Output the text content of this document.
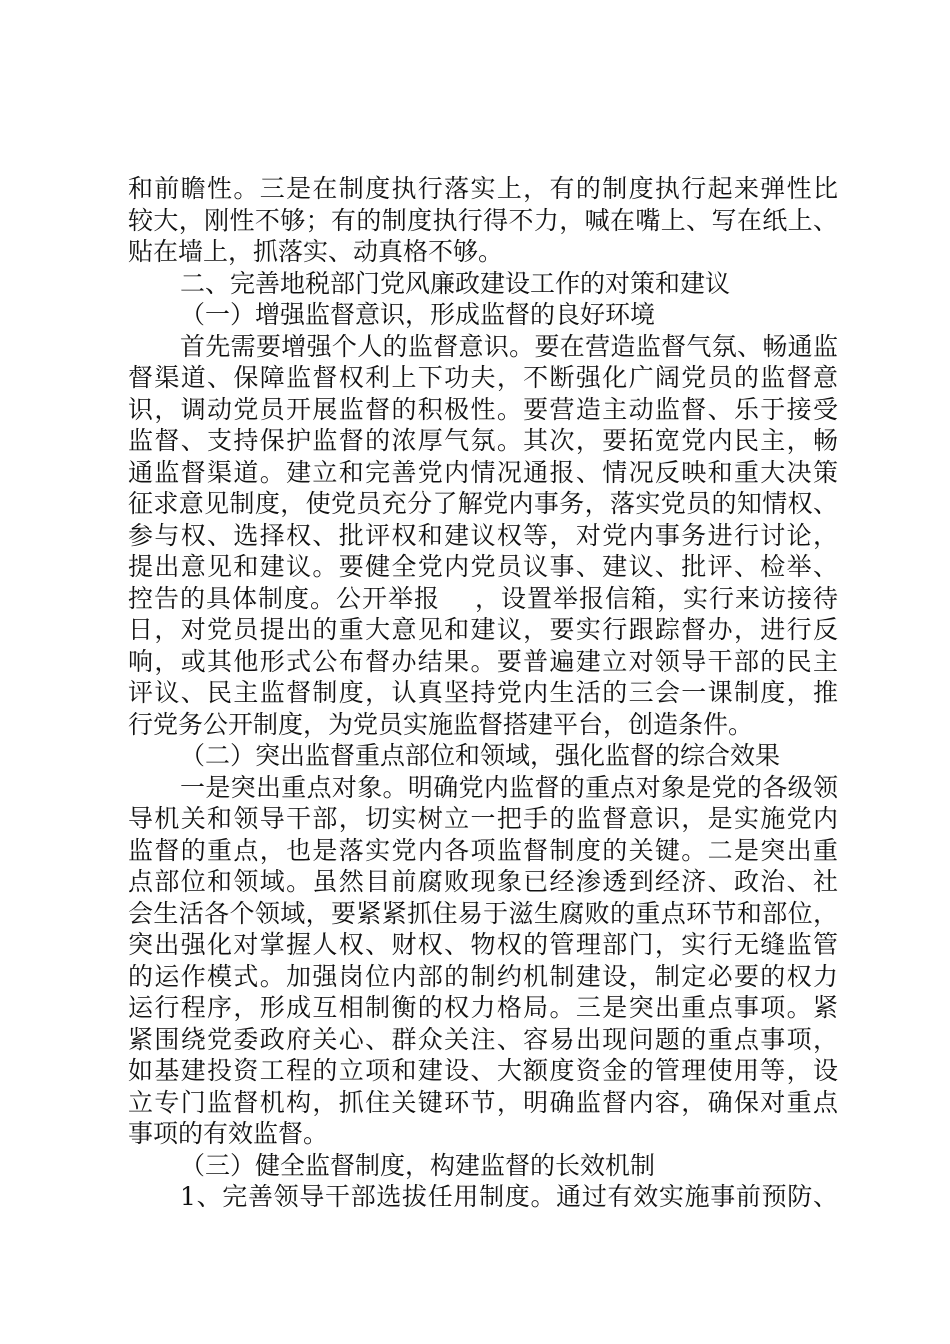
和前瞻性。三是在制度执行落实上，有的制度执行起来弹性比
较大，刚性不够；有的制度执行得不力，喊在嘴上、写在纸上、
贴在墙上，抓落实、动真格不够。
二、完善地税部门党风廉政建设工作的对策和建议
（一）增强监督意识，形成监督的良好环境
首先需要增强个人的监督意识。要在营造监督气氛、畅通监
督渠道、保障监督权利上下功夫，不断强化广阔党员的监督意
识，调动党员开展监督的积极性。要营造主动监督、乐于接受
监督、支持保护监督的浓厚气氛。其次，要拓宽党内民主，畅
通监督渠道。建立和完善党内情况通报、情况反映和重大决策
征求意见制度，使党员充分了解党内事务，落实党员的知情权、
参与权、选择权、批评权和建议权等，对党内事务进行讨论，
提出意见和建议。要健全党内党员议事、建议、批评、检举、
控告的具体制度。公开举报　 ，设置举报信箱，实行来访接待
日，对党员提出的重大意见和建议，要实行跟踪督办，进行反
响，或其他形式公布督办结果。要普遍建立对领导干部的民主
评议、民主监督制度，认真坚持党内生活的三会一课制度，推
行党务公开制度，为党员实施监督搭建平台，创造条件。
（二）突出监督重点部位和领域，强化监督的综合效果
一是突出重点对象。明确党内监督的重点对象是党的各级领
导机关和领导干部，切实树立一把手的监督意识，是实施党内
监督的重点，也是落实党内各项监督制度的关键。二是突出重
点部位和领域。虽然目前腐败现象已经渗透到经济、政治、社
会生活各个领域，要紧紧抓住易于滋生腐败的重点环节和部位，
突出强化对掌握人权、财权、物权的管理部门，实行无缝监管
的运作模式。加强岗位内部的制约机制建设，制定必要的权力
运行程序，形成互相制衡的权力格局。三是突出重点事项。紧
紧围绕党委政府关心、群众关注、容易出现问题的重点事项，
如基建投资工程的立项和建设、大额度资金的管理使用等，设
立专门监督机构，抓住关键环节，明确监督内容，确保对重点
事项的有效监督。
（三）健全监督制度，构建监督的长效机制
1、完善领导干部选拔任用制度。通过有效实施事前预防、
